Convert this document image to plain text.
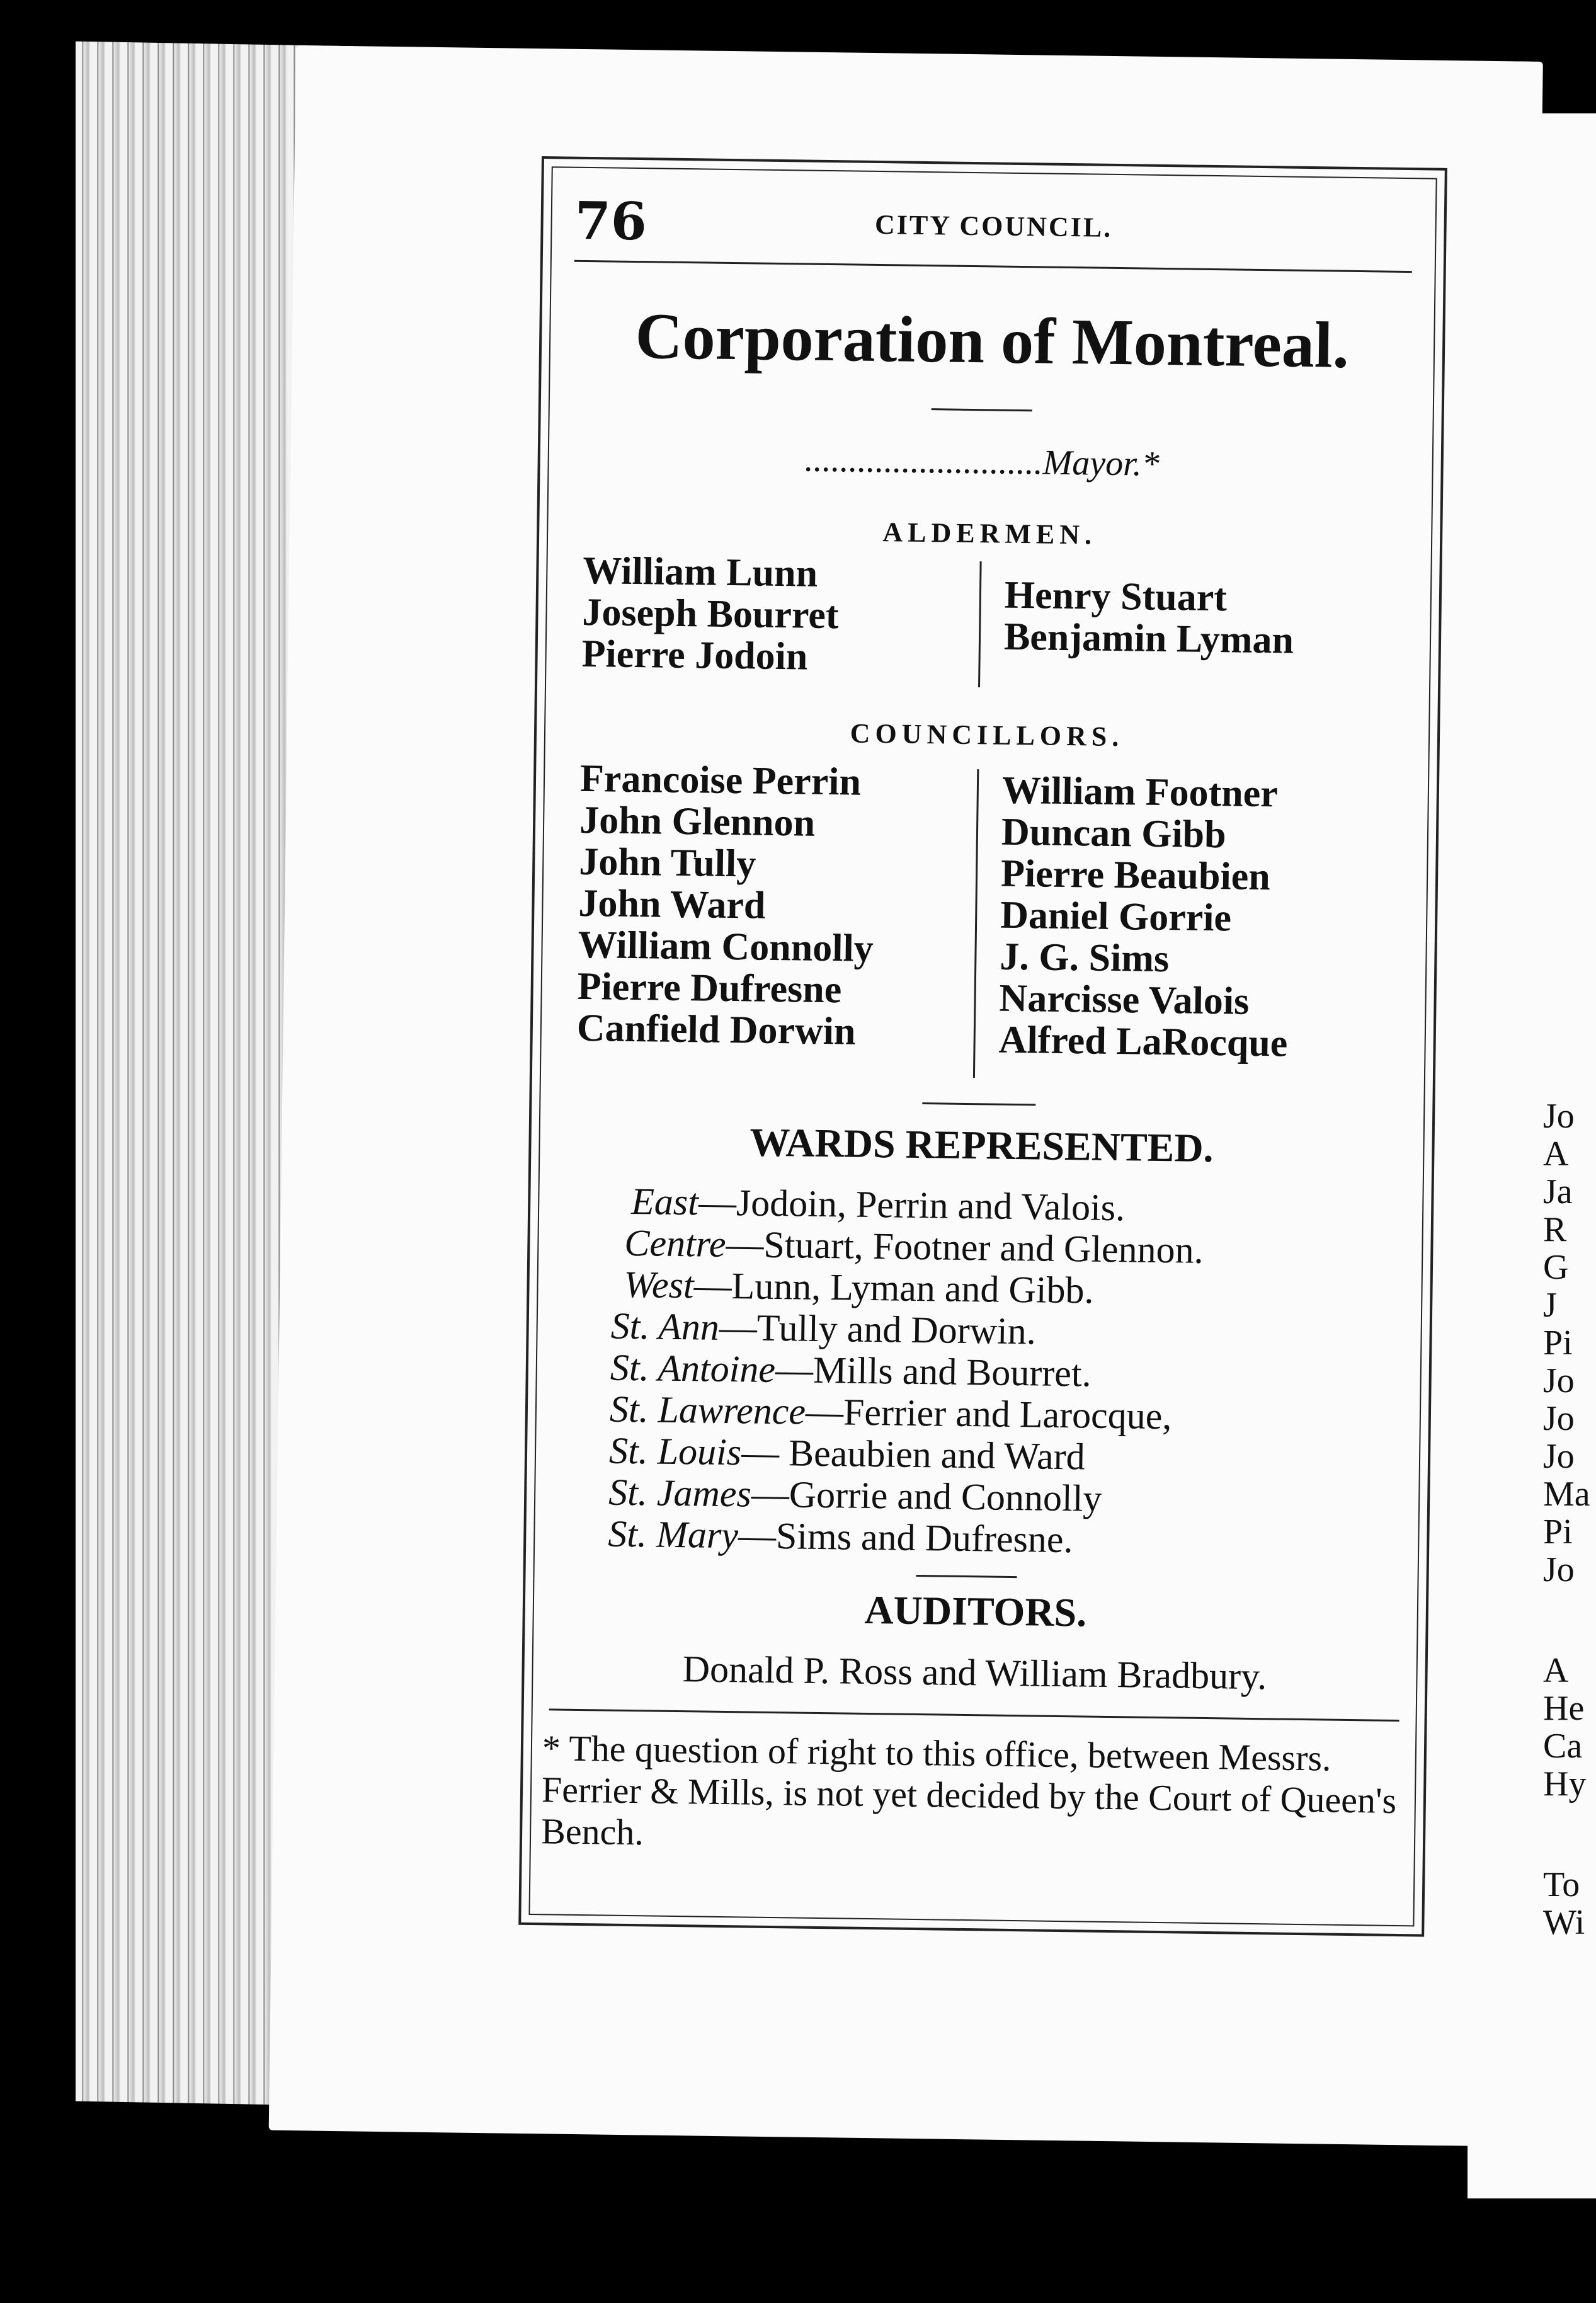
Jo
A
Ja
R
G
J
Pi
Jo
Jo
Jo
Ma
Pi
Jo
A
He
Ca
Hy
To
Wi
76	CITY COUNCIL.
Corporation of Montreal.
...........................Mayor.*
ALDERMEN.
William Lunn
Joseph Bourret
Pierre Jodoin
Henry Stuart
Benjamin Lyman
COUNCILLORS.
Francoise Perrin
John Glennon
John Tully
John Ward
William Connolly
Pierre Dufresne
Canfield Dorwin
William Footner
Duncan Gibb
Pierre Beaubien
Daniel Gorrie
J. G. Sims
Narcisse Valois
Alfred LaRocque
WARDS REPRESENTED.
East—Jodoin, Perrin and Valois.
Centre—Stuart, Footner and Glennon.
West—Lunn, Lyman and Gibb.
St. Ann—Tully and Dorwin.
St. Antoine—Mills and Bourret.
St. Lawrence—Ferrier and Larocque,
St. Louis— Beaubien and Ward
St. James—Gorrie and Connolly
St. Mary—Sims and Dufresne.
AUDITORS.
Donald P. Ross and William Bradbury.
* The question of right to this office, between Messrs. Ferrier & Mills, is not yet decided by the Court of Queen's Bench.
